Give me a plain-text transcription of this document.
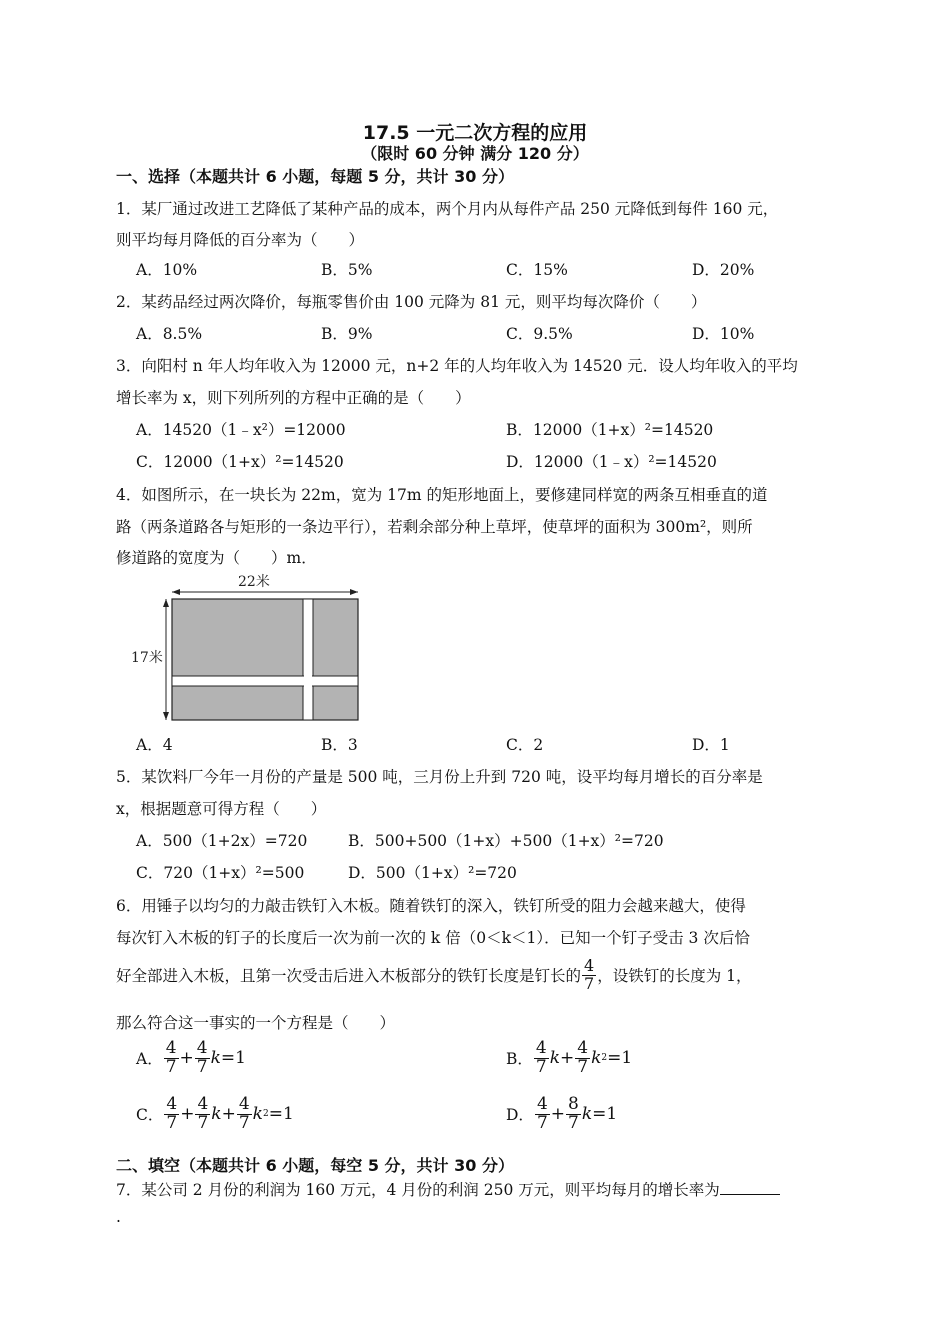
17.5 一元二次方程的应用
（限时 60 分钟 满分 120 分）
一、选择（本题共计 6 小题，每题 5 分，共计 30 分）
1．某厂通过改进工艺降低了某种产品的成本，两个月内从每件产品 250 元降低到每件 160 元，
则平均每月降低的百分率为（　　）
A．10%	B．5%	C．15%	D．20%
2．某药品经过两次降价，每瓶零售价由 100 元降为 81 元，则平均每次降价（　　）
A．8.5%	B．9%	C．9.5%	D．10%
3．向阳村 n 年人均年收入为 12000 元，n+2 年的人均年收入为 14520 元．设人均年收入的平均
增长率为 x，则下列所列的方程中正确的是（　　）
A．14520（1﹣x²）=12000	B．12000（1+x）²=14520
C．12000（1+x）²=14520	D．12000（1﹣x）²=14520
4．如图所示，在一块长为 22m，宽为 17m 的矩形地面上，要修建同样宽的两条互相垂直的道
路（两条道路各与矩形的一条边平行），若剩余部分种上草坪，使草坪的面积为 300m²，则所
修道路的宽度为（　　）m．
22米
17米
A．4	B．3	C．2	D．1
5．某饮料厂今年一月份的产量是 500 吨，三月份上升到 720 吨，设平均每月增长的百分率是
x，根据题意可得方程（　　）
A．500（1+2x）=720	B．500+500（1+x）+500（1+x）²=720
C．720（1+x）²=500	D．500（1+x）²=720
6．用锤子以均匀的力敲击铁钉入木板。随着铁钉的深入，铁钉所受的阻力会越来越大，使得
每次钉入木板的钉子的长度后一次为前一次的 k 倍（0＜k＜1）．已知一个钉子受击 3 次后恰
好全部进入木板，且第一次受击后进入木板部分的铁钉长度是钉长的 $\frac{4}{7}$ ，设铁钉的长度为 1，
那么符合这一事实的一个方程是（　　）
A． $\frac{4}{7} + \frac{4}{7}$ k =1	B． $\frac{4}{7}$ $k + \frac{4}{7}$ k 2 =1
C． $\frac{4}{7} + \frac{4}{7}$ $k + \frac{4}{7}$ k 2 =1	D． $\frac{4}{7} + \frac{8}{7}$ k =1
二、填空（本题共计 6 小题，每空 5 分，共计 30 分）
7．某公司 2 月份的利润为 160 万元，4 月份的利润 250 万元，则平均每月的增长率为
.
